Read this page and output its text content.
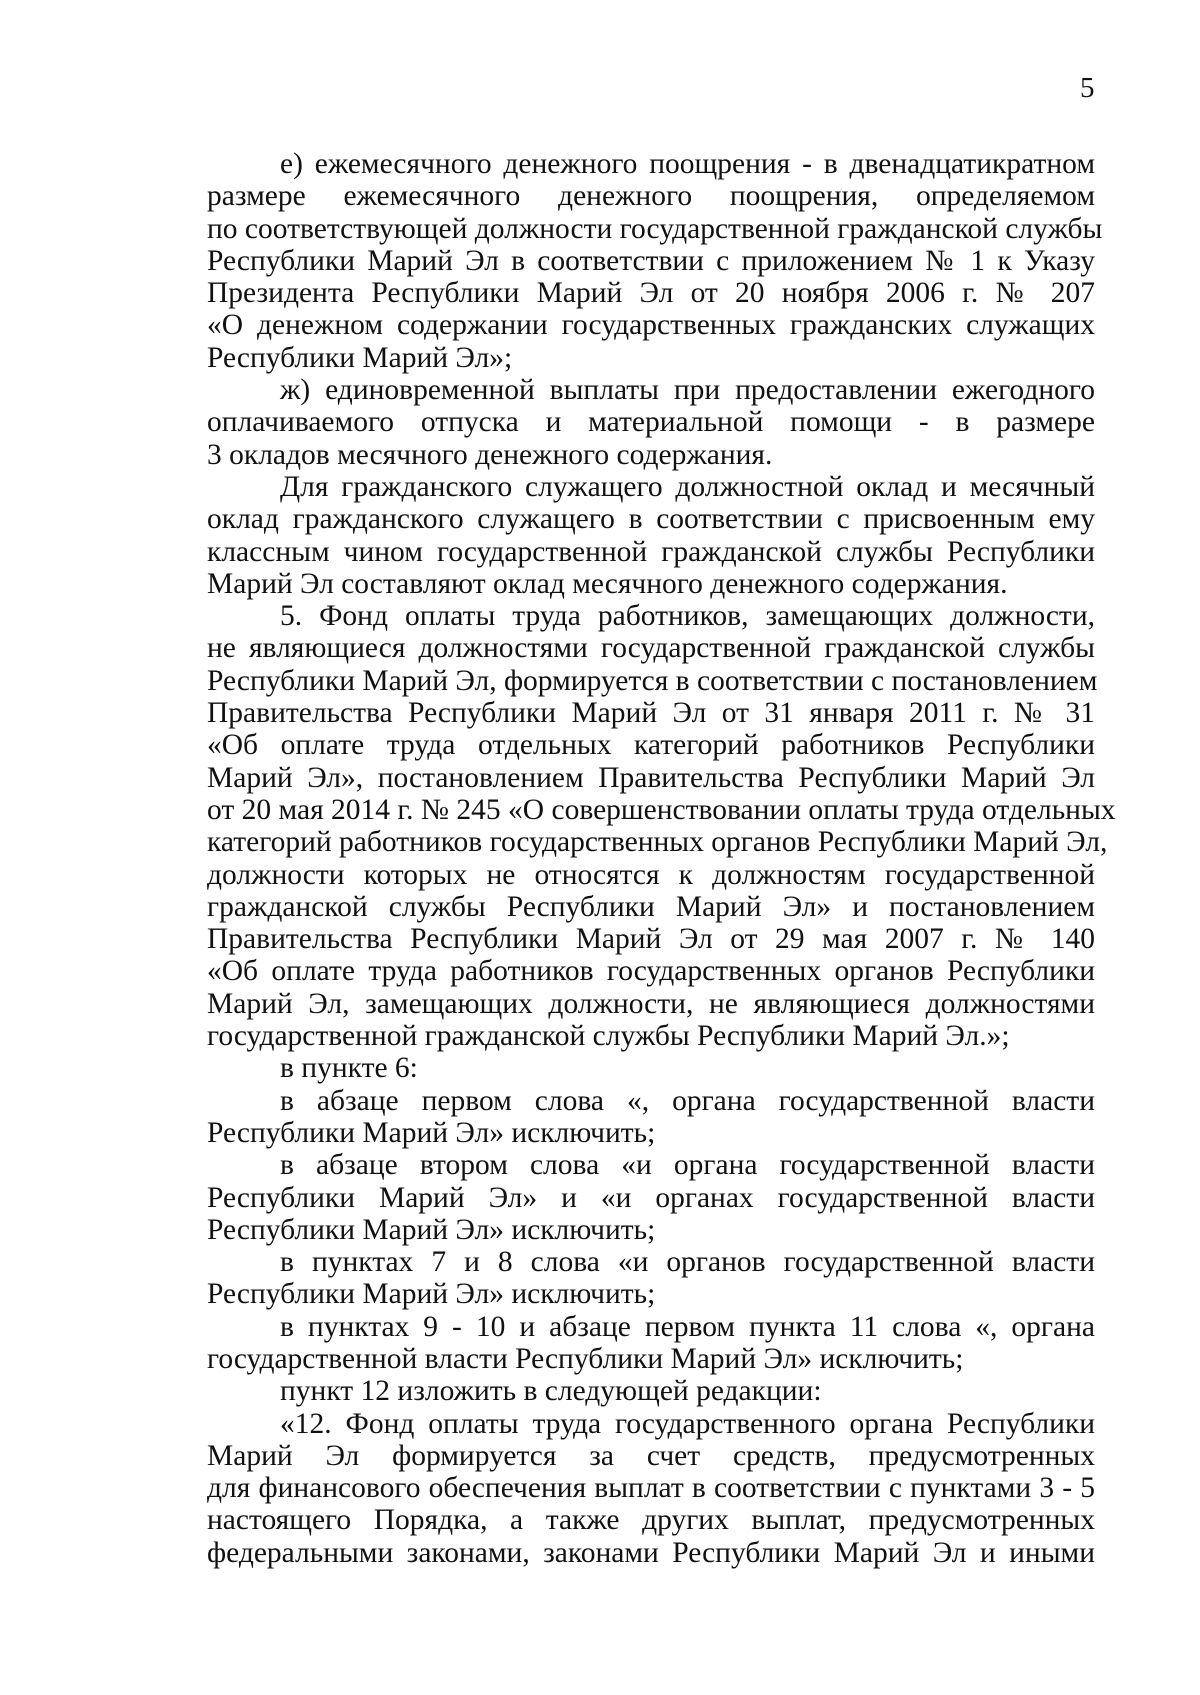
5
е) ежемесячного денежного поощрения - в двенадцатикратном
размере ежемесячного денежного поощрения, определяемом
по соответствующей должности государственной гражданской службы
Республики Марий Эл в соответствии с приложением № 1 к Указу
Президента Республики Марий Эл от 20 ноября 2006 г. № 207
«О денежном содержании государственных гражданских служащих
Республики Марий Эл»;
ж) единовременной выплаты при предоставлении ежегодного
оплачиваемого отпуска и материальной помощи - в размере
3 окладов месячного денежного содержания.
Для гражданского служащего должностной оклад и месячный
оклад гражданского служащего в соответствии с присвоенным ему
классным чином государственной гражданской службы Республики
Марий Эл составляют оклад месячного денежного содержания.
5. Фонд оплаты труда работников, замещающих должности,
не являющиеся должностями государственной гражданской службы
Республики Марий Эл, формируется в соответствии с постановлением
Правительства Республики Марий Эл от 31 января 2011 г. № 31
«Об оплате труда отдельных категорий работников Республики
Марий Эл», постановлением Правительства Республики Марий Эл
от 20 мая 2014 г. № 245 «О совершенствовании оплаты труда отдельных
категорий работников государственных органов Республики Марий Эл,
должности которых не относятся к должностям государственной
гражданской службы Республики Марий Эл» и постановлением
Правительства Республики Марий Эл от 29 мая 2007 г. № 140
«Об оплате труда работников государственных органов Республики
Марий Эл, замещающих должности, не являющиеся должностями
государственной гражданской службы Республики Марий Эл.»;
в пункте 6:
в абзаце первом слова «, органа государственной власти
Республики Марий Эл» исключить;
в абзаце втором слова «и органа государственной власти
Республики Марий Эл» и «и органах государственной власти
Республики Марий Эл» исключить;
в пунктах 7 и 8 слова «и органов государственной власти
Республики Марий Эл» исключить;
в пунктах 9 - 10 и абзаце первом пункта 11 слова «, органа
государственной власти Республики Марий Эл» исключить;
пункт 12 изложить в следующей редакции:
«12. Фонд оплаты труда государственного органа Республики
Марий Эл формируется за счет средств, предусмотренных
для финансового обеспечения выплат в соответствии с пунктами 3 - 5
настоящего Порядка, а также других выплат, предусмотренных
федеральными законами, законами Республики Марий Эл и иными
